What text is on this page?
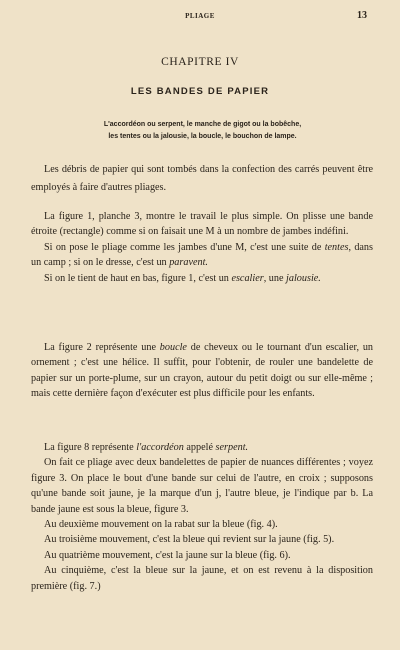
PLIAGE	13
CHAPITRE IV
LES BANDES DE PAPIER
L'accordéon ou serpent, le manche de gigot ou la bobêche,
les tentes ou la jalousie, la boucle, le bouchon de lampe.

Les débris de papier qui sont tombés dans la confection des carrés peuvent être employés à faire d'autres pliages.

La figure 1, planche 3, montre le travail le plus simple. On plisse une bande étroite (rectangle) comme si on faisait une M à un nombre de jambes indéfini.

Si on pose le pliage comme les jambes d'une M, c'est une suite de tentes, dans un camp ; si on le dresse, c'est un paravent.

Si on le tient de haut en bas, figure 1, c'est un escalier, une jalousie.

La figure 2 représente une boucle de cheveux ou le tournant d'un escalier, un ornement ; c'est une hélice. Il suffit, pour l'obtenir, de rouler une bandelette de papier sur un porte-plume, sur un crayon, autour du petit doigt ou sur elle-même ; mais cette dernière façon d'exécuter est plus difficile pour les enfants.

La figure 8 représente l'accordéon appelé serpent.

On fait ce pliage avec deux bandelettes de papier de nuances différentes ; voyez figure 3. On place le bout d'une bande sur celui de l'autre, en croix ; supposons qu'une bande soit jaune, je la marque d'un j, l'autre bleue, je l'indique par b. La bande jaune est sous la bleue, figure 3.

Au deuxième mouvement on la rabat sur la bleue (fig. 4).

Au troisième mouvement, c'est la bleue qui revient sur la jaune (fig. 5).

Au quatrième mouvement, c'est la jaune sur la bleue (fig. 6).

Au cinquième, c'est la bleue sur la jaune, et on est revenu à la disposition première (fig. 7.)
